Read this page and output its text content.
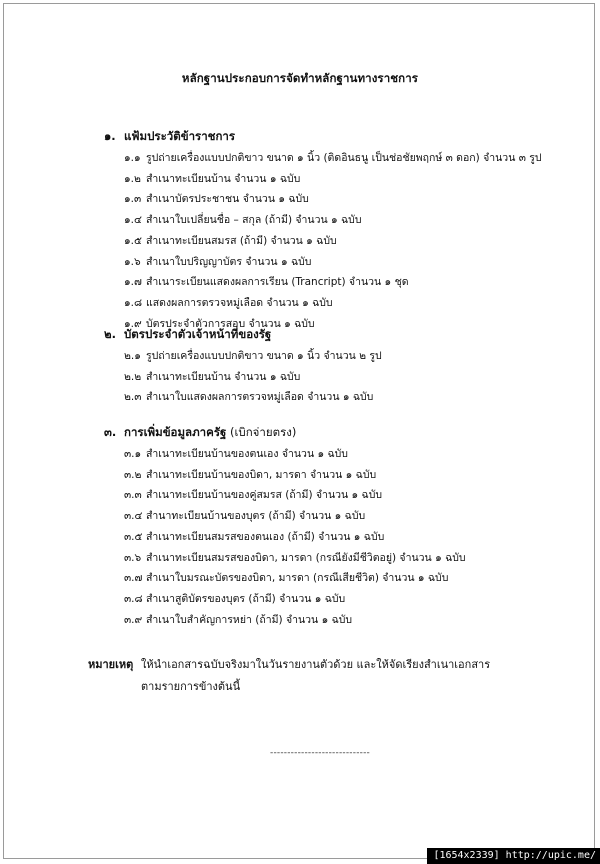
หลักฐานประกอบการจัดทำหลักฐานทางราชการ
๑. แฟ้มประวัติข้าราชการ
๑.๑ รูปถ่ายเครื่องแบบปกติขาว ขนาด ๑ นิ้ว (ติดอินธนู เป็นช่อชัยพฤกษ์ ๓ ดอก) จำนวน ๓ รูป
๑.๒ สำเนาทะเบียนบ้าน จำนวน ๑ ฉบับ
๑.๓ สำเนาบัตรประชาชน จำนวน ๑ ฉบับ
๑.๔ สำเนาใบเปลี่ยนชื่อ – สกุล (ถ้ามี) จำนวน ๑ ฉบับ
๑.๕ สำเนาทะเบียนสมรส (ถ้ามี) จำนวน ๑ ฉบับ
๑.๖ สำเนาใบปริญญาบัตร จำนวน ๑ ฉบับ
๑.๗ สำเนาระเบียนแสดงผลการเรียน (Trancript) จำนวน ๑ ชุด
๑.๘ แสดงผลการตรวจหมู่เลือด จำนวน ๑ ฉบับ
๑.๙ บัตรประจำตัวการสอบ จำนวน ๑ ฉบับ
๒. บัตรประจำตัวเจ้าหน้าที่ของรัฐ
๒.๑ รูปถ่ายเครื่องแบบปกติขาว ขนาด ๑ นิ้ว จำนวน ๒ รูป
๒.๒ สำเนาทะเบียนบ้าน จำนวน ๑ ฉบับ
๒.๓ สำเนาใบแสดงผลการตรวจหมู่เลือด จำนวน ๑ ฉบับ
๓. การเพิ่มข้อมูลภาครัฐ (เบิกจ่ายตรง)
๓.๑ สำเนาทะเบียนบ้านของตนเอง จำนวน ๑ ฉบับ
๓.๒ สำเนาทะเบียนบ้านของบิดา, มารดา จำนวน ๑ ฉบับ
๓.๓ สำเนาทะเบียนบ้านของคู่สมรส (ถ้ามี) จำนวน ๑ ฉบับ
๓.๔ สำนาทะเบียนบ้านของบุตร (ถ้ามี) จำนวน ๑ ฉบับ
๓.๕ สำเนาทะเบียนสมรสของตนเอง (ถ้ามี) จำนวน ๑ ฉบับ
๓.๖ สำเนาทะเบียนสมรสของบิดา, มารดา (กรณียังมีชีวิตอยู่) จำนวน ๑ ฉบับ
๓.๗ สำเนาใบมรณะบัตรของบิดา, มารดา (กรณีเสียชีวิต) จำนวน ๑ ฉบับ
๓.๘ สำเนาสูติบัตรของบุตร (ถ้ามี) จำนวน ๑ ฉบับ
๓.๙ สำเนาใบสำคัญการหย่า (ถ้ามี) จำนวน ๑ ฉบับ
หมายเหตุ ให้นำเอกสารฉบับจริงมาในวันรายงานตัวด้วย และให้จัดเรียงสำเนาเอกสาร
ตามรายการข้างต้นนี้
-----------------------------
[1654x2339] http://upic.me/
